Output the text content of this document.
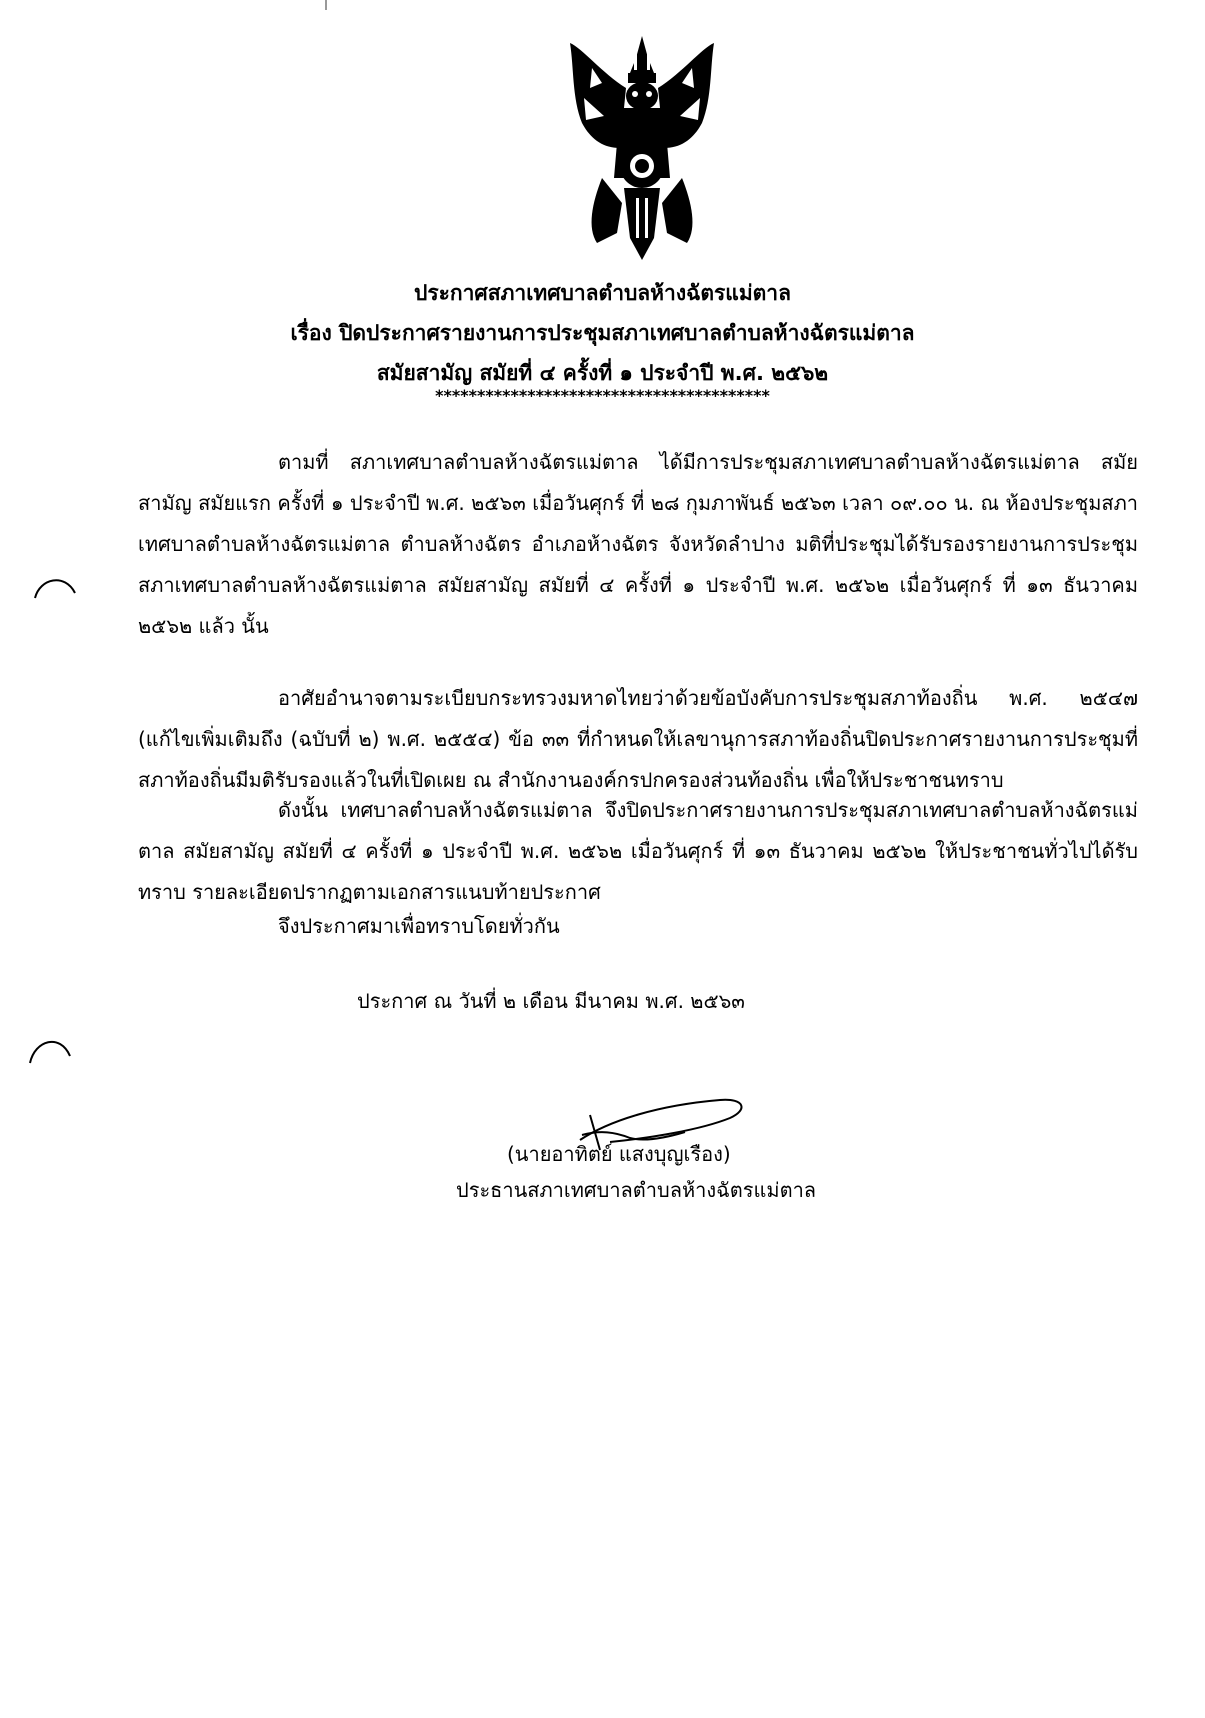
ประกาศสภาเทศบาลตำบลห้างฉัตรแม่ตาล
เรื่อง ปิดประกาศรายงานการประชุมสภาเทศบาลตำบลห้างฉัตรแม่ตาล
สมัยสามัญ สมัยที่ ๔ ครั้งที่ ๑ ประจำปี พ.ศ. ๒๕๖๒
****************************************
ตามที่ สภาเทศบาลตำบลห้างฉัตรแม่ตาล ได้มีการประชุมสภาเทศบาลตำบลห้างฉัตรแม่ตาล สมัยสามัญ สมัยแรก ครั้งที่ ๑ ประจำปี พ.ศ. ๒๕๖๓ เมื่อวันศุกร์ ที่ ๒๘ กุมภาพันธ์ ๒๕๖๓ เวลา ๐๙.๐๐ น. ณ ห้องประชุมสภาเทศบาลตำบลห้างฉัตรแม่ตาล ตำบลห้างฉัตร อำเภอห้างฉัตร จังหวัดลำปาง มติที่ประชุมได้รับรองรายงานการประชุมสภาเทศบาลตำบลห้างฉัตรแม่ตาล สมัยสามัญ สมัยที่ ๔ ครั้งที่ ๑ ประจำปี พ.ศ. ๒๕๖๒ เมื่อวันศุกร์ ที่ ๑๓ ธันวาคม ๒๕๖๒ แล้ว นั้น
อาศัยอำนาจตามระเบียบกระทรวงมหาดไทยว่าด้วยข้อบังคับการประชุมสภาท้องถิ่น พ.ศ. ๒๕๔๗ (แก้ไขเพิ่มเติมถึง (ฉบับที่ ๒) พ.ศ. ๒๕๕๔) ข้อ ๓๓ ที่กำหนดให้เลขานุการสภาท้องถิ่นปิดประกาศรายงานการประชุมที่สภาท้องถิ่นมีมติรับรองแล้วในที่เปิดเผย ณ สำนักงานองค์กรปกครองส่วนท้องถิ่น เพื่อให้ประชาชนทราบ
ดังนั้น เทศบาลตำบลห้างฉัตรแม่ตาล จึงปิดประกาศรายงานการประชุมสภาเทศบาลตำบลห้างฉัตรแม่ตาล สมัยสามัญ สมัยที่ ๔ ครั้งที่ ๑ ประจำปี พ.ศ. ๒๕๖๒ เมื่อวันศุกร์ ที่ ๑๓ ธันวาคม ๒๕๖๒ ให้ประชาชนทั่วไปได้รับทราบ รายละเอียดปรากฏตามเอกสารแนบท้ายประกาศ
จึงประกาศมาเพื่อทราบโดยทั่วกัน
ประกาศ ณ วันที่ ๒ เดือน มีนาคม พ.ศ. ๒๕๖๓
(นายอาทิตย์ แสงบุญเรือง)
ประธานสภาเทศบาลตำบลห้างฉัตรแม่ตาล
